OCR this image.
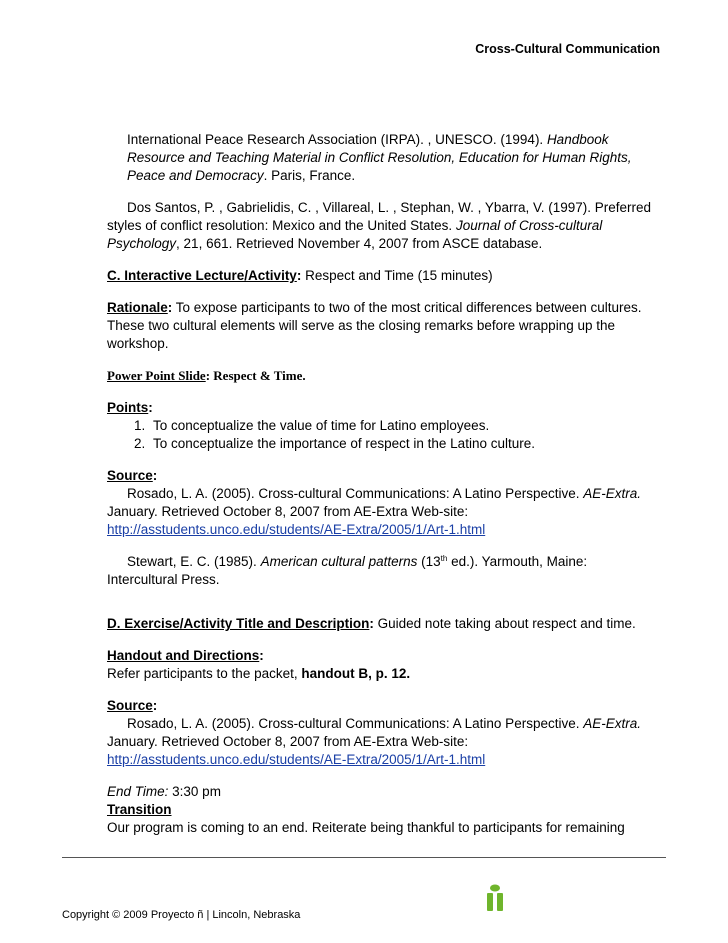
Cross-Cultural Communication

International Peace Research Association (IRPA). , UNESCO. (1994). Handbook Resource and Teaching Material in Conflict Resolution, Education for Human Rights, Peace and Democracy. Paris, France.

Dos Santos, P. , Gabrielidis, C. , Villareal, L. , Stephan, W. , Ybarra, V. (1997). Preferred styles of conflict resolution: Mexico and the United States. Journal of Cross-cultural Psychology, 21, 661. Retrieved November 4, 2007 from ASCE database.

C. Interactive Lecture/Activity: Respect and Time (15 minutes)

Rationale: To expose participants to two of the most critical differences between cultures. These two cultural elements will serve as the closing remarks before wrapping up the workshop.

Power Point Slide: Respect & Time.

Points:

1. To conceptualize the value of time for Latino employees.
2. To conceptualize the importance of respect in the Latino culture.

Source:

Rosado, L. A. (2005). Cross-cultural Communications: A Latino Perspective. AE-Extra. January. Retrieved October 8, 2007 from AE-Extra Web-site:

http://asstudents.unco.edu/students/AE-Extra/2005/1/Art-1.html

Stewart, E. C. (1985). American cultural patterns (13th ed.). Yarmouth, Maine: Intercultural Press.

D. Exercise/Activity Title and Description: Guided note taking about respect and time.

Handout and Directions:

Refer participants to the packet, handout B, p. 12.

Source:

Rosado, L. A. (2005). Cross-cultural Communications: A Latino Perspective. AE-Extra. January. Retrieved October 8, 2007 from AE-Extra Web-site:

http://asstudents.unco.edu/students/AE-Extra/2005/1/Art-1.html

End Time: 3:30 pm

Transition

Our program is coming to an end. Reiterate being thankful to participants for remaining

Copyright © 2009 Proyecto ñ | Lincoln, Nebraska
